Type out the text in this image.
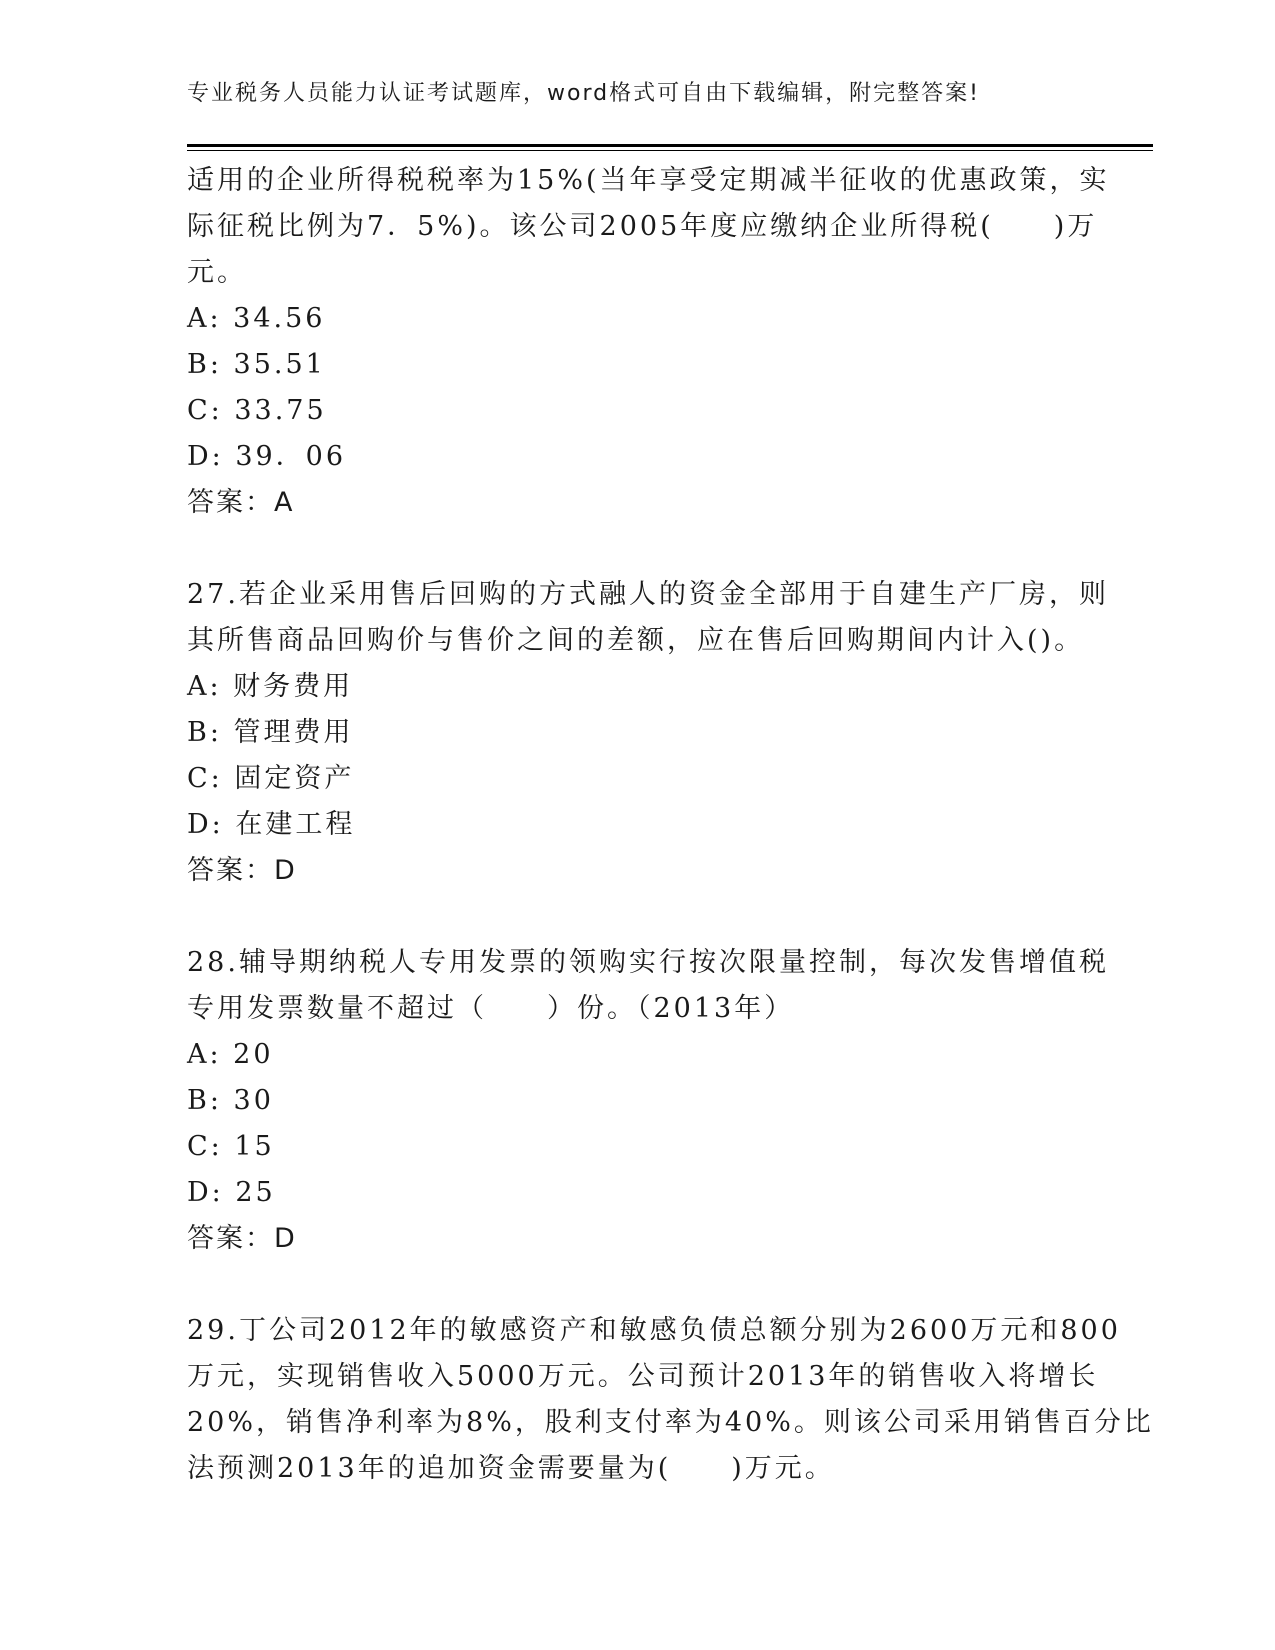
专业税务人员能力认证考试题库，word格式可自由下载编辑，附完整答案!
适用的企业所得税税率为15%(当年享受定期减半征收的优惠政策，实
际征税比例为7．5%)。该公司2005年度应缴纳企业所得税(　　)万
元。
A: 34.56
B: 35.51
C: 33.75
D: 39．06
答案：A
27.若企业采用售后回购的方式融人的资金全部用于自建生产厂房，则
其所售商品回购价与售价之间的差额，应在售后回购期间内计入()。
A: 财务费用
B: 管理费用
C: 固定资产
D: 在建工程
答案：D
28.辅导期纳税人专用发票的领购实行按次限量控制，每次发售增值税
专用发票数量不超过（　　）份。（2013年）
A: 20
B: 30
C: 15
D: 25
答案：D
29.丁公司2012年的敏感资产和敏感负债总额分别为2600万元和800
万元，实现销售收入5000万元。公司预计2013年的销售收入将增长
20%，销售净利率为8%，股利支付率为40%。则该公司采用销售百分比
法预测2013年的追加资金需要量为(　　)万元。
